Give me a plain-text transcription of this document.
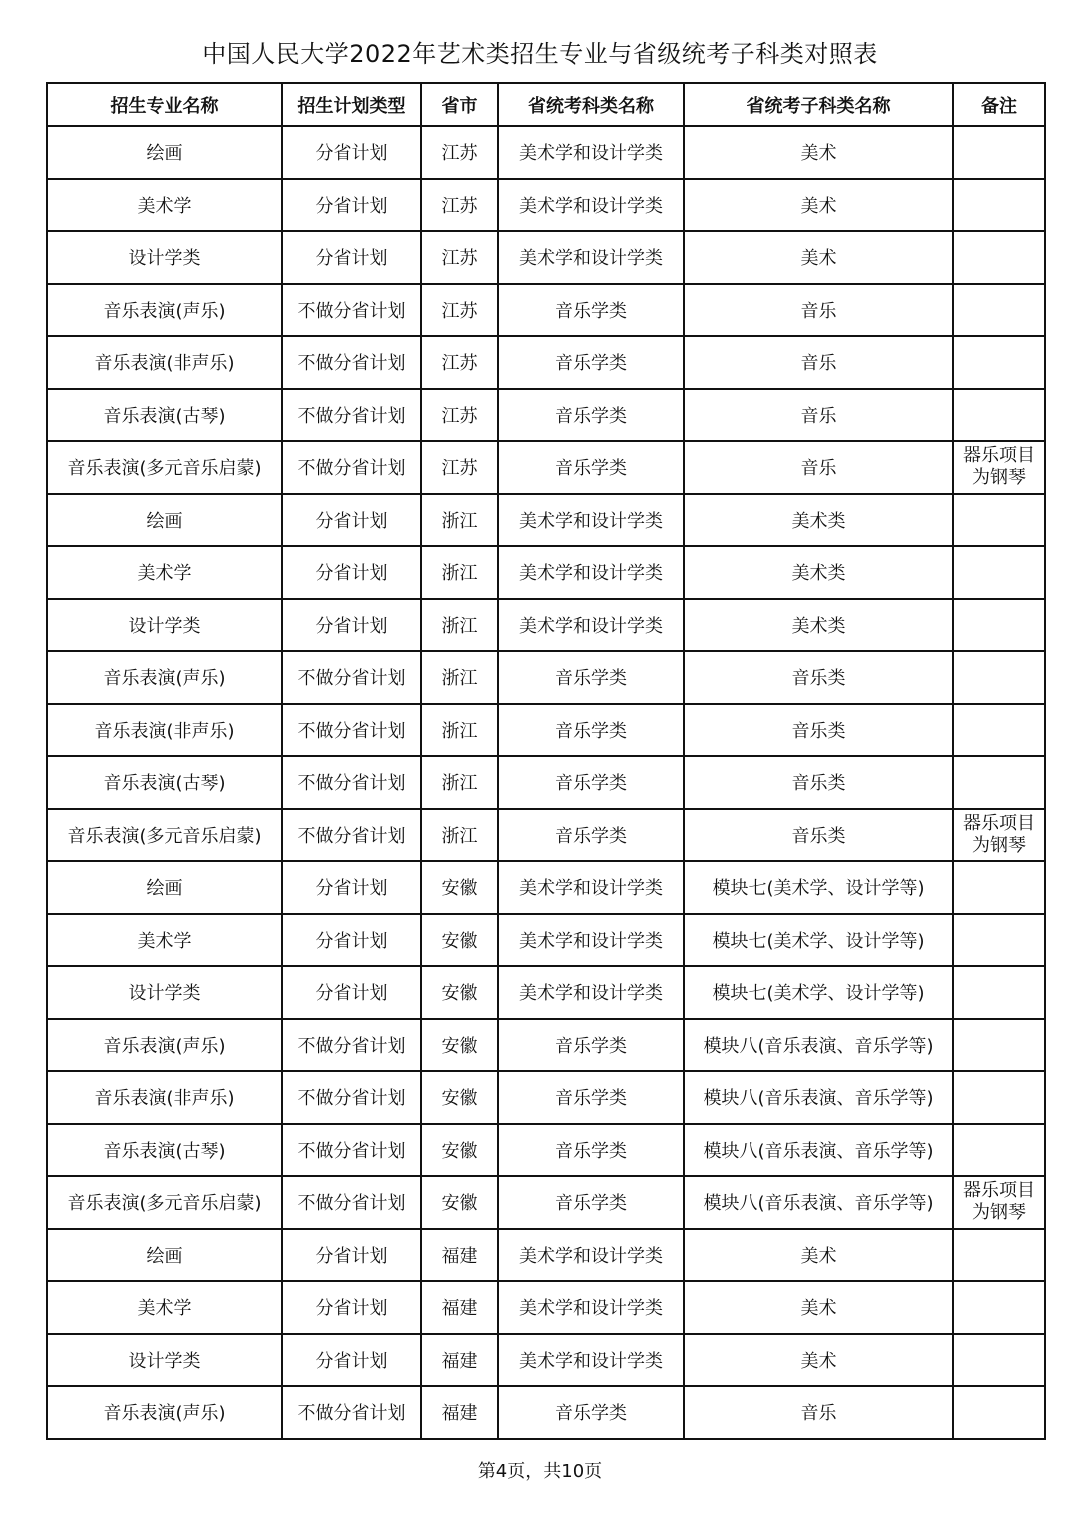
中国人民大学2022年艺术类招生专业与省级统考子科类对照表
招生专业名称	招生计划类型	省市	省统考科类名称	省统考子科类名称	备注
绘画	分省计划	江苏	美术学和设计学类	美术	
美术学	分省计划	江苏	美术学和设计学类	美术	
设计学类	分省计划	江苏	美术学和设计学类	美术	
音乐表演(声乐)	不做分省计划	江苏	音乐学类	音乐	
音乐表演(非声乐)	不做分省计划	江苏	音乐学类	音乐	
音乐表演(古琴)	不做分省计划	江苏	音乐学类	音乐	
音乐表演(多元音乐启蒙)	不做分省计划	江苏	音乐学类	音乐	器乐项目为钢琴
绘画	分省计划	浙江	美术学和设计学类	美术类	
美术学	分省计划	浙江	美术学和设计学类	美术类	
设计学类	分省计划	浙江	美术学和设计学类	美术类	
音乐表演(声乐)	不做分省计划	浙江	音乐学类	音乐类	
音乐表演(非声乐)	不做分省计划	浙江	音乐学类	音乐类	
音乐表演(古琴)	不做分省计划	浙江	音乐学类	音乐类	
音乐表演(多元音乐启蒙)	不做分省计划	浙江	音乐学类	音乐类	器乐项目为钢琴
绘画	分省计划	安徽	美术学和设计学类	模块七(美术学、设计学等)	
美术学	分省计划	安徽	美术学和设计学类	模块七(美术学、设计学等)	
设计学类	分省计划	安徽	美术学和设计学类	模块七(美术学、设计学等)	
音乐表演(声乐)	不做分省计划	安徽	音乐学类	模块八(音乐表演、音乐学等)	
音乐表演(非声乐)	不做分省计划	安徽	音乐学类	模块八(音乐表演、音乐学等)	
音乐表演(古琴)	不做分省计划	安徽	音乐学类	模块八(音乐表演、音乐学等)	
音乐表演(多元音乐启蒙)	不做分省计划	安徽	音乐学类	模块八(音乐表演、音乐学等)	器乐项目为钢琴
绘画	分省计划	福建	美术学和设计学类	美术	
美术学	分省计划	福建	美术学和设计学类	美术	
设计学类	分省计划	福建	美术学和设计学类	美术	
音乐表演(声乐)	不做分省计划	福建	音乐学类	音乐	
第4页，共10页
